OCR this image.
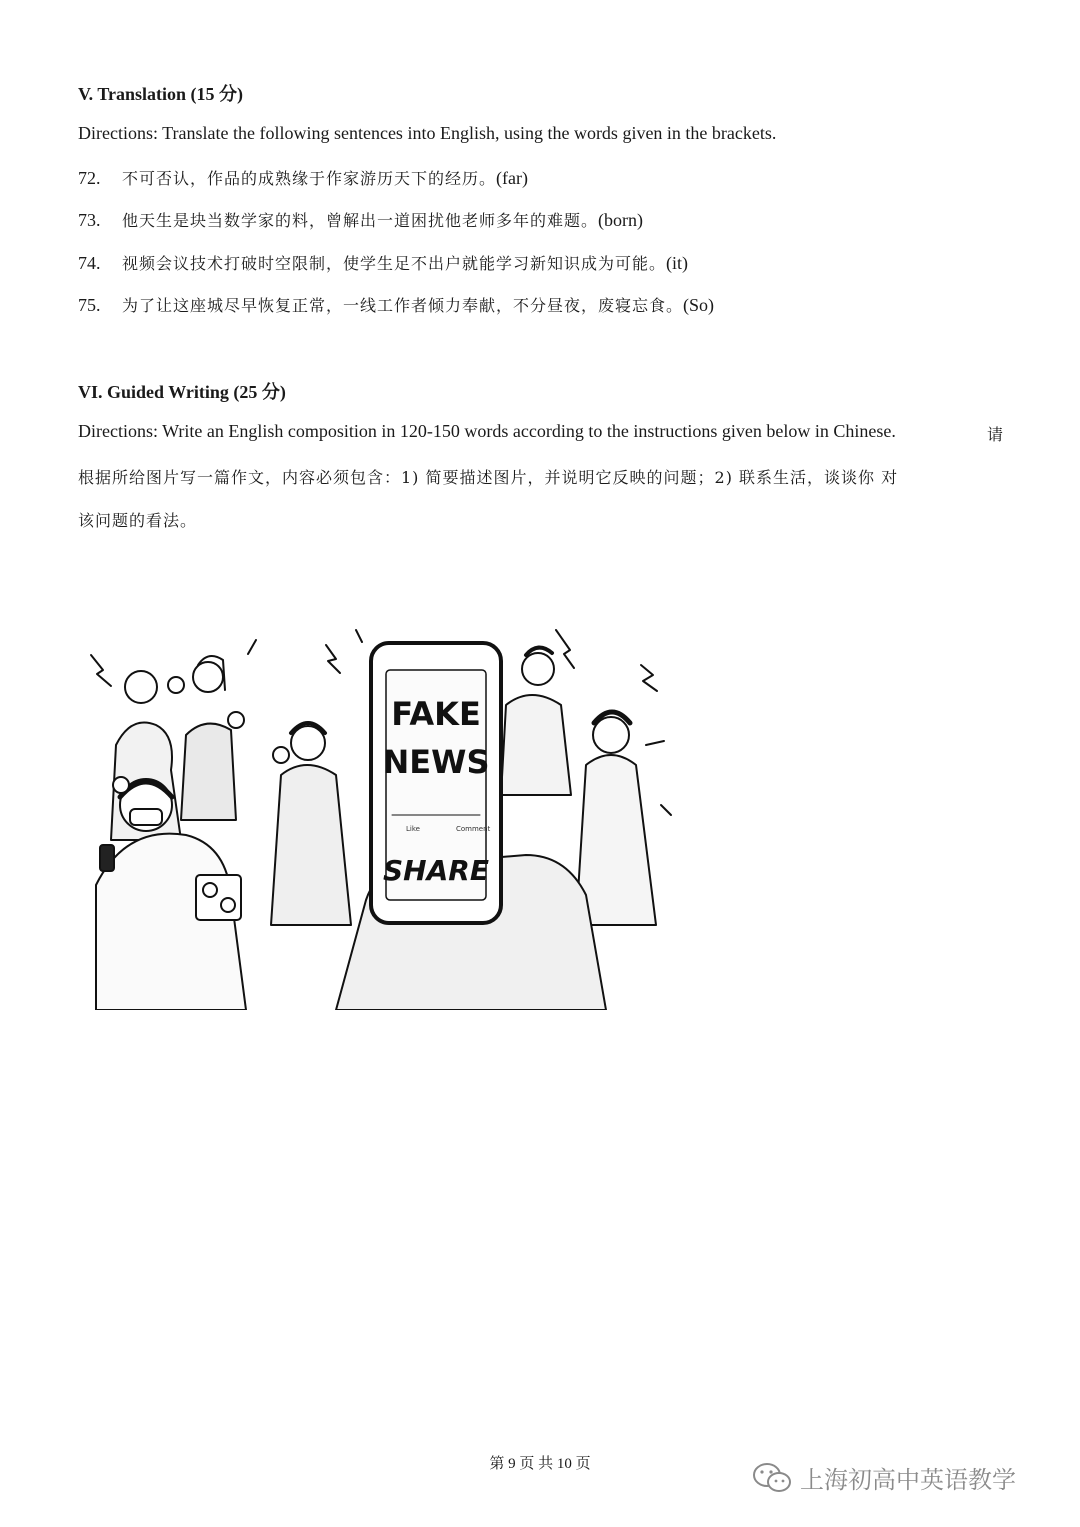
V. Translation (15 分)
Directions: Translate the following sentences into English, using the words given in the brackets.
72. 不可否认，作品的成熟缘于作家游历天下的经历。(far)
73. 他天生是块当数学家的料，曾解出一道困扰他老师多年的难题。(born)
74. 视频会议技术打破时空限制，使学生足不出户就能学习新知识成为可能。(it)
75. 为了让这座城尽早恢复正常，一线工作者倾力奉献，不分昼夜，废寝忘食。(So)
VI. Guided Writing (25 分)
Directions: Write an English composition in 120-150 words according to the instructions given below in Chinese.	请
根据所给图片写一篇作文，内容必须包含：1) 简要描述图片，并说明它反映的问题；2) 联系生活，谈谈你 对
该问题的看法。
FAKE
NEWS
Like	Comment
SHARE
第 9 页 共 10 页
上海初高中英语教学
